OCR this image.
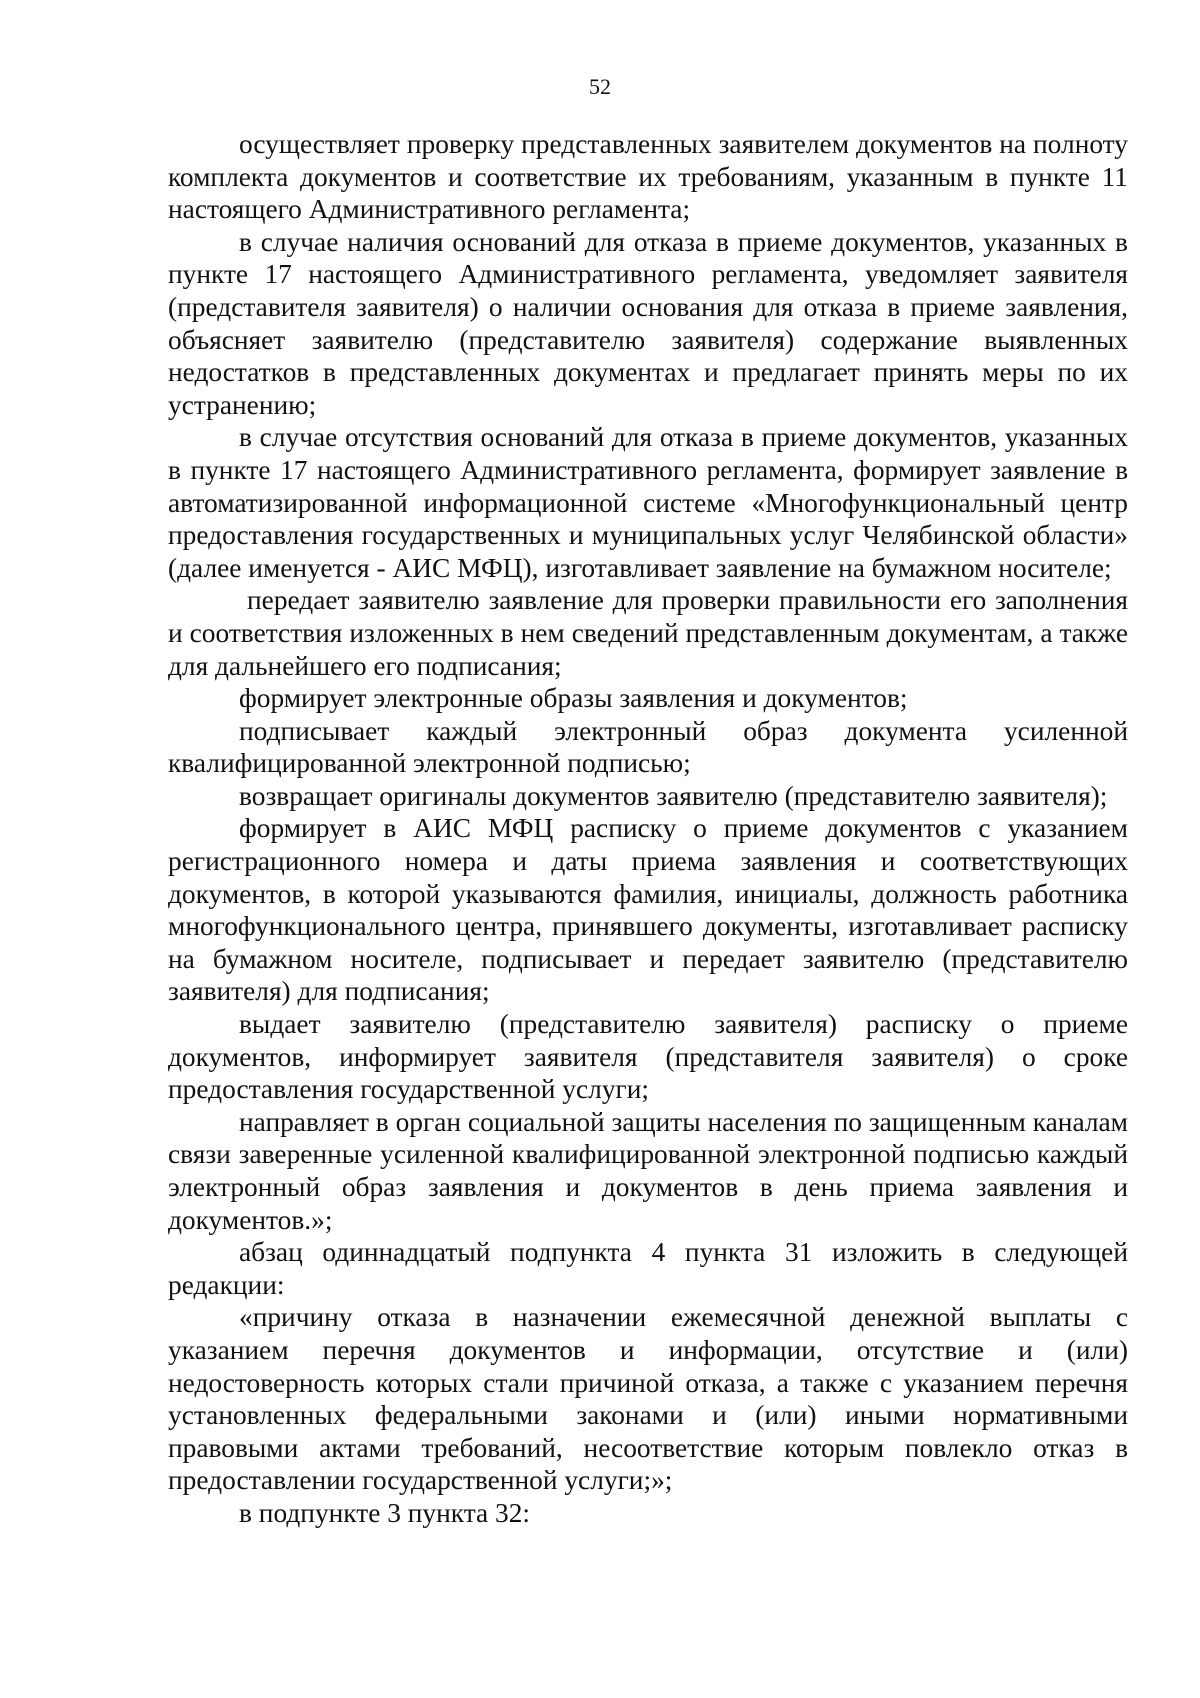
52

осуществляет проверку представленных заявителем документов на полноту комплекта документов и соответствие их требованиям, указанным в пункте 11 настоящего Административного регламента;

в случае наличия оснований для отказа в приеме документов, указанных в пункте 17 настоящего Административного регламента, уведомляет заявителя (представителя заявителя) о наличии основания для отказа в приеме заявления, объясняет заявителю (представителю заявителя) содержание выявленных недостатков в представленных документах и предлагает принять меры по их устранению;

в случае отсутствия оснований для отказа в приеме документов, указанных в пункте 17 настоящего Административного регламента, формирует заявление в автоматизированной информационной системе «Многофункциональный центр предоставления государственных и муниципальных услуг Челябинской области» (далее именуется - АИС МФЦ), изготавливает заявление на бумажном носителе;

передает заявителю заявление для проверки правильности его заполнения и соответствия изложенных в нем сведений представленным документам, а также для дальнейшего его подписания;

формирует электронные образы заявления и документов;

подписывает каждый электронный образ документа усиленной квалифицированной электронной подписью;

возвращает оригиналы документов заявителю (представителю заявителя);

формирует в АИС МФЦ расписку о приеме документов с указанием регистрационного номера и даты приема заявления и соответствующих документов, в которой указываются фамилия, инициалы, должность работника многофункционального центра, принявшего документы, изготавливает расписку на бумажном носителе, подписывает и передает заявителю (представителю заявителя) для подписания;

выдает заявителю (представителю заявителя) расписку о приеме документов, информирует заявителя (представителя заявителя) о сроке предоставления государственной услуги;

направляет в орган социальной защиты населения по защищенным каналам связи заверенные усиленной квалифицированной электронной подписью каждый электронный образ заявления и документов в день приема заявления и документов.»;

абзац одиннадцатый подпункта 4 пункта 31 изложить в следующей редакции:

«причину отказа в назначении ежемесячной денежной выплаты с указанием перечня документов и информации, отсутствие и (или) недостоверность которых стали причиной отказа, а также с указанием перечня установленных федеральными законами и (или) иными нормативными правовыми актами требований, несоответствие которым повлекло отказ в предоставлении государственной услуги;»;

в подпункте 3 пункта 32:
